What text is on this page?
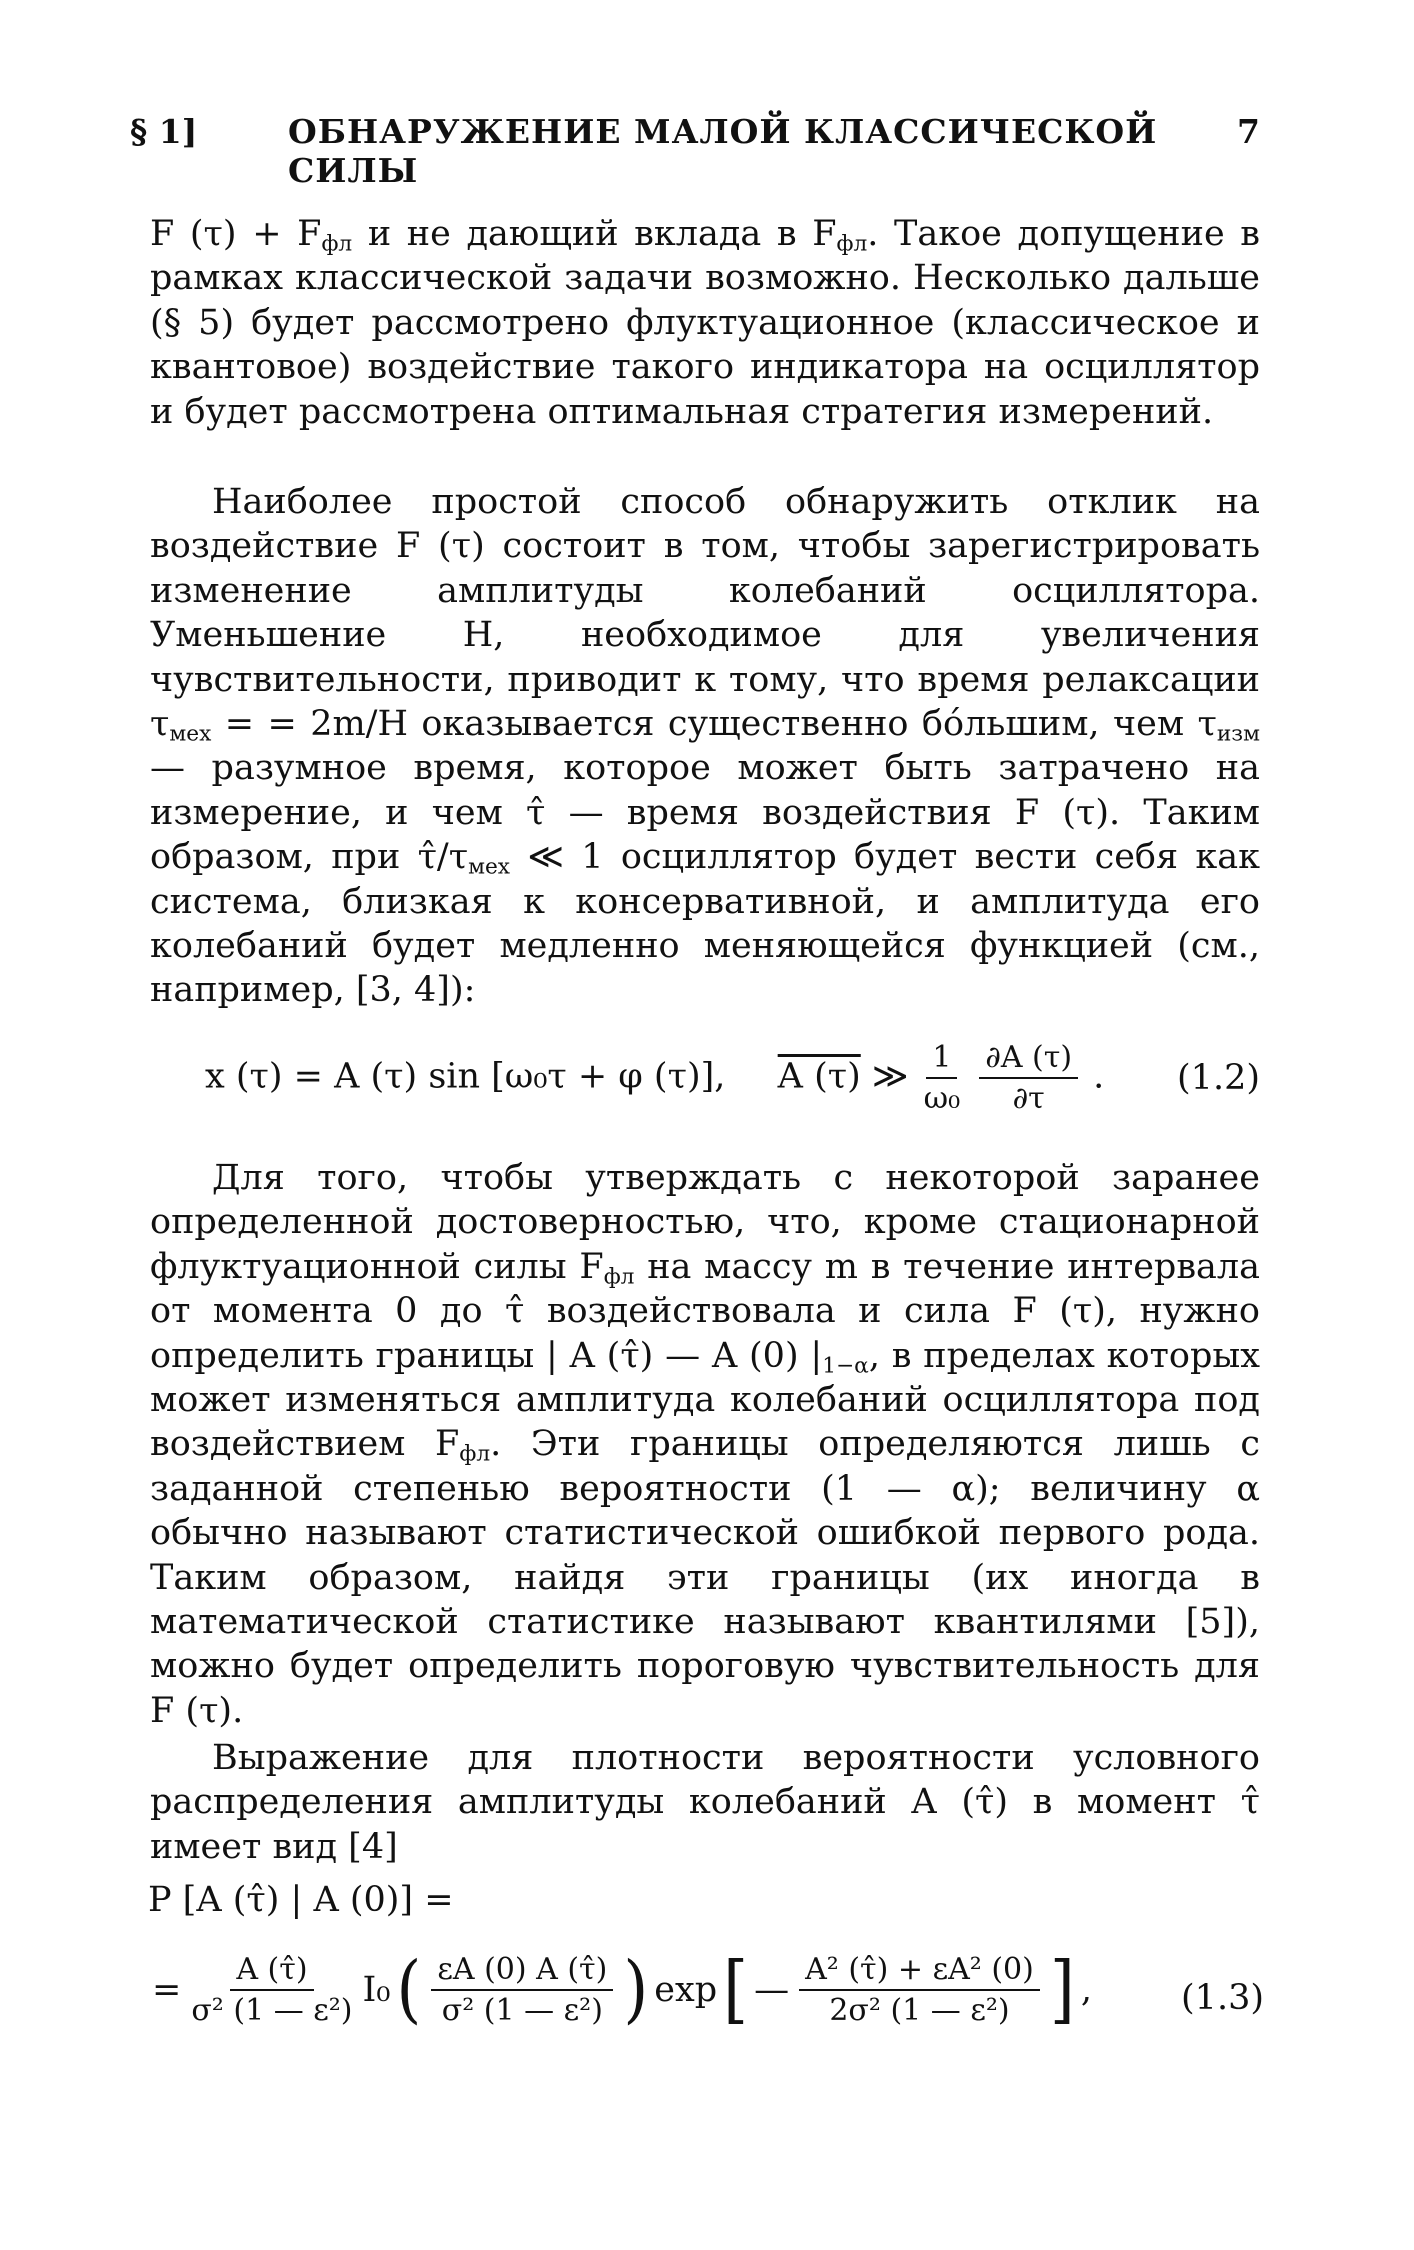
§ 1]	ОБНАРУЖЕНИЕ МАЛОЙ КЛАССИЧЕСКОЙ СИЛЫ
7
F $(\tau) + F_{фл}$ и не дающий вклада в $F_{фл}$. Такое допущение в рамках классической задачи возможно. Несколько дальше (§ 5) будет рассмотрено флуктуационное (классическое и квантовое) воздействие такого индикатора на осциллятор и будет рассмотрена оптимальная стратегия измерений.
Наиболее простой способ обнаружить отклик на воздействие F (τ) состоит в том, чтобы зарегистрировать изменение амплитуды колебаний осциллятора. Уменьшение H, необходимое для увеличения чувствительности, приводит к тому, что время релаксации $\tau_{мех}$ = = 2m/H оказывается существенно бо́льшим, чем $\tau_{изм}$ — разумное время, которое может быть затрачено на измерение, и чем τ̂ — время воздействия F (τ). Таким образом, при $\taû/\tau_{мех}$ ≪ 1 осциллятор будет вести себя как система, близкая к консервативной, и амплитуда его колебаний будет медленно меняющейся функцией (см., например, [3, 4]):
x (τ) = A (τ) sin [ω₀τ + φ (τ)], A (τ) ≫ $\frac{1}{\text{ω₀}}$
$\frac{\partial A (\tau)}{\partial\tau}$ . (1.2)
Для того, чтобы утверждать с некоторой заранее определенной достоверностью, что, кроме стационарной флуктуационной силы $F_{фл}$ на массу m в течение интервала от момента 0 до τ̂ воздействовала и сила F (τ), нужно определить границы | A (τ̂) — A (0) $|_{1-\alpha}$, в пределах которых может изменяться амплитуда колебаний осциллятора под воздействием $F_{фл}$. Эти границы определяются лишь с заданной степенью вероятности (1 — α); величину α обычно называют статистической ошибкой первого рода. Таким образом, найдя эти границы (их иногда в математической статистике называют квантилями [5]), можно будет определить пороговую чувствительность для F (τ).
Выражение для плотности вероятности условного распределения амплитуды колебаний A (τ̂) в момент τ̂ имеет вид [4]
P [A (τ̂) | A (0)] =
= $\frac{A (\taû)}{\text{σ² (1 — ε²)}} I_0$ ( $\frac{\varepsilon A (0) A (\taû)}{\text{σ² (1 — ε²)}}$ ) exp [ — $\frac{\text{A² (τ̂) + εA² (0)}}{\text{2σ² (1 — ε²)}}$ ] ,	(1.3)
